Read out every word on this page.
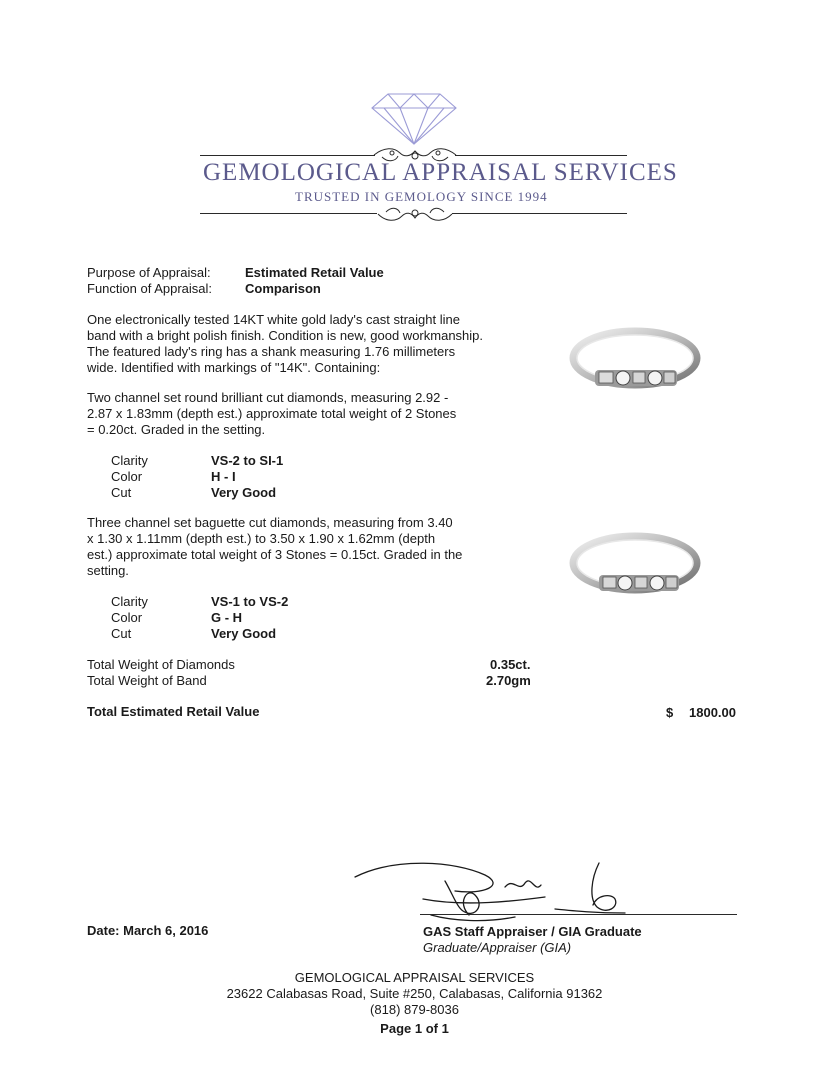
GEMOLOGICAL APPRAISAL SERVICES
TRUSTED IN GEMOLOGY SINCE 1994
Purpose of Appraisal:	Estimated Retail Value
Function of Appraisal:	Comparison
One electronically tested 14KT white gold lady's cast straight line
band with a bright polish finish. Condition is new, good workmanship.
The featured lady's ring has a shank measuring 1.76 millimeters
wide. Identified with markings of "14K". Containing:
Two channel set round brilliant cut diamonds, measuring 2.92 -
2.87 x 1.83mm (depth est.) approximate total weight of 2 Stones
= 0.20ct. Graded in the setting.
Clarity	VS-2 to SI-1
Color	H - I
Cut	Very Good
Three channel set baguette cut diamonds, measuring from 3.40
x 1.30 x 1.11mm (depth est.) to 3.50 x 1.90 x 1.62mm (depth
est.) approximate total weight of 3 Stones = 0.15ct. Graded in the
setting.
Clarity	VS-1 to VS-2
Color	G - H
Cut	Very Good
Total Weight of Diamonds	0.35ct.
Total Weight of Band	2.70gm
Total Estimated Retail Value	$ 1800.00
Date: March 6, 2016	GAS Staff Appraiser / GIA Graduate
Graduate/Appraiser (GIA)
GEMOLOGICAL APPRAISAL SERVICES
23622 Calabasas Road, Suite #250, Calabasas, California 91362
(818) 879-8036
Page 1 of 1
